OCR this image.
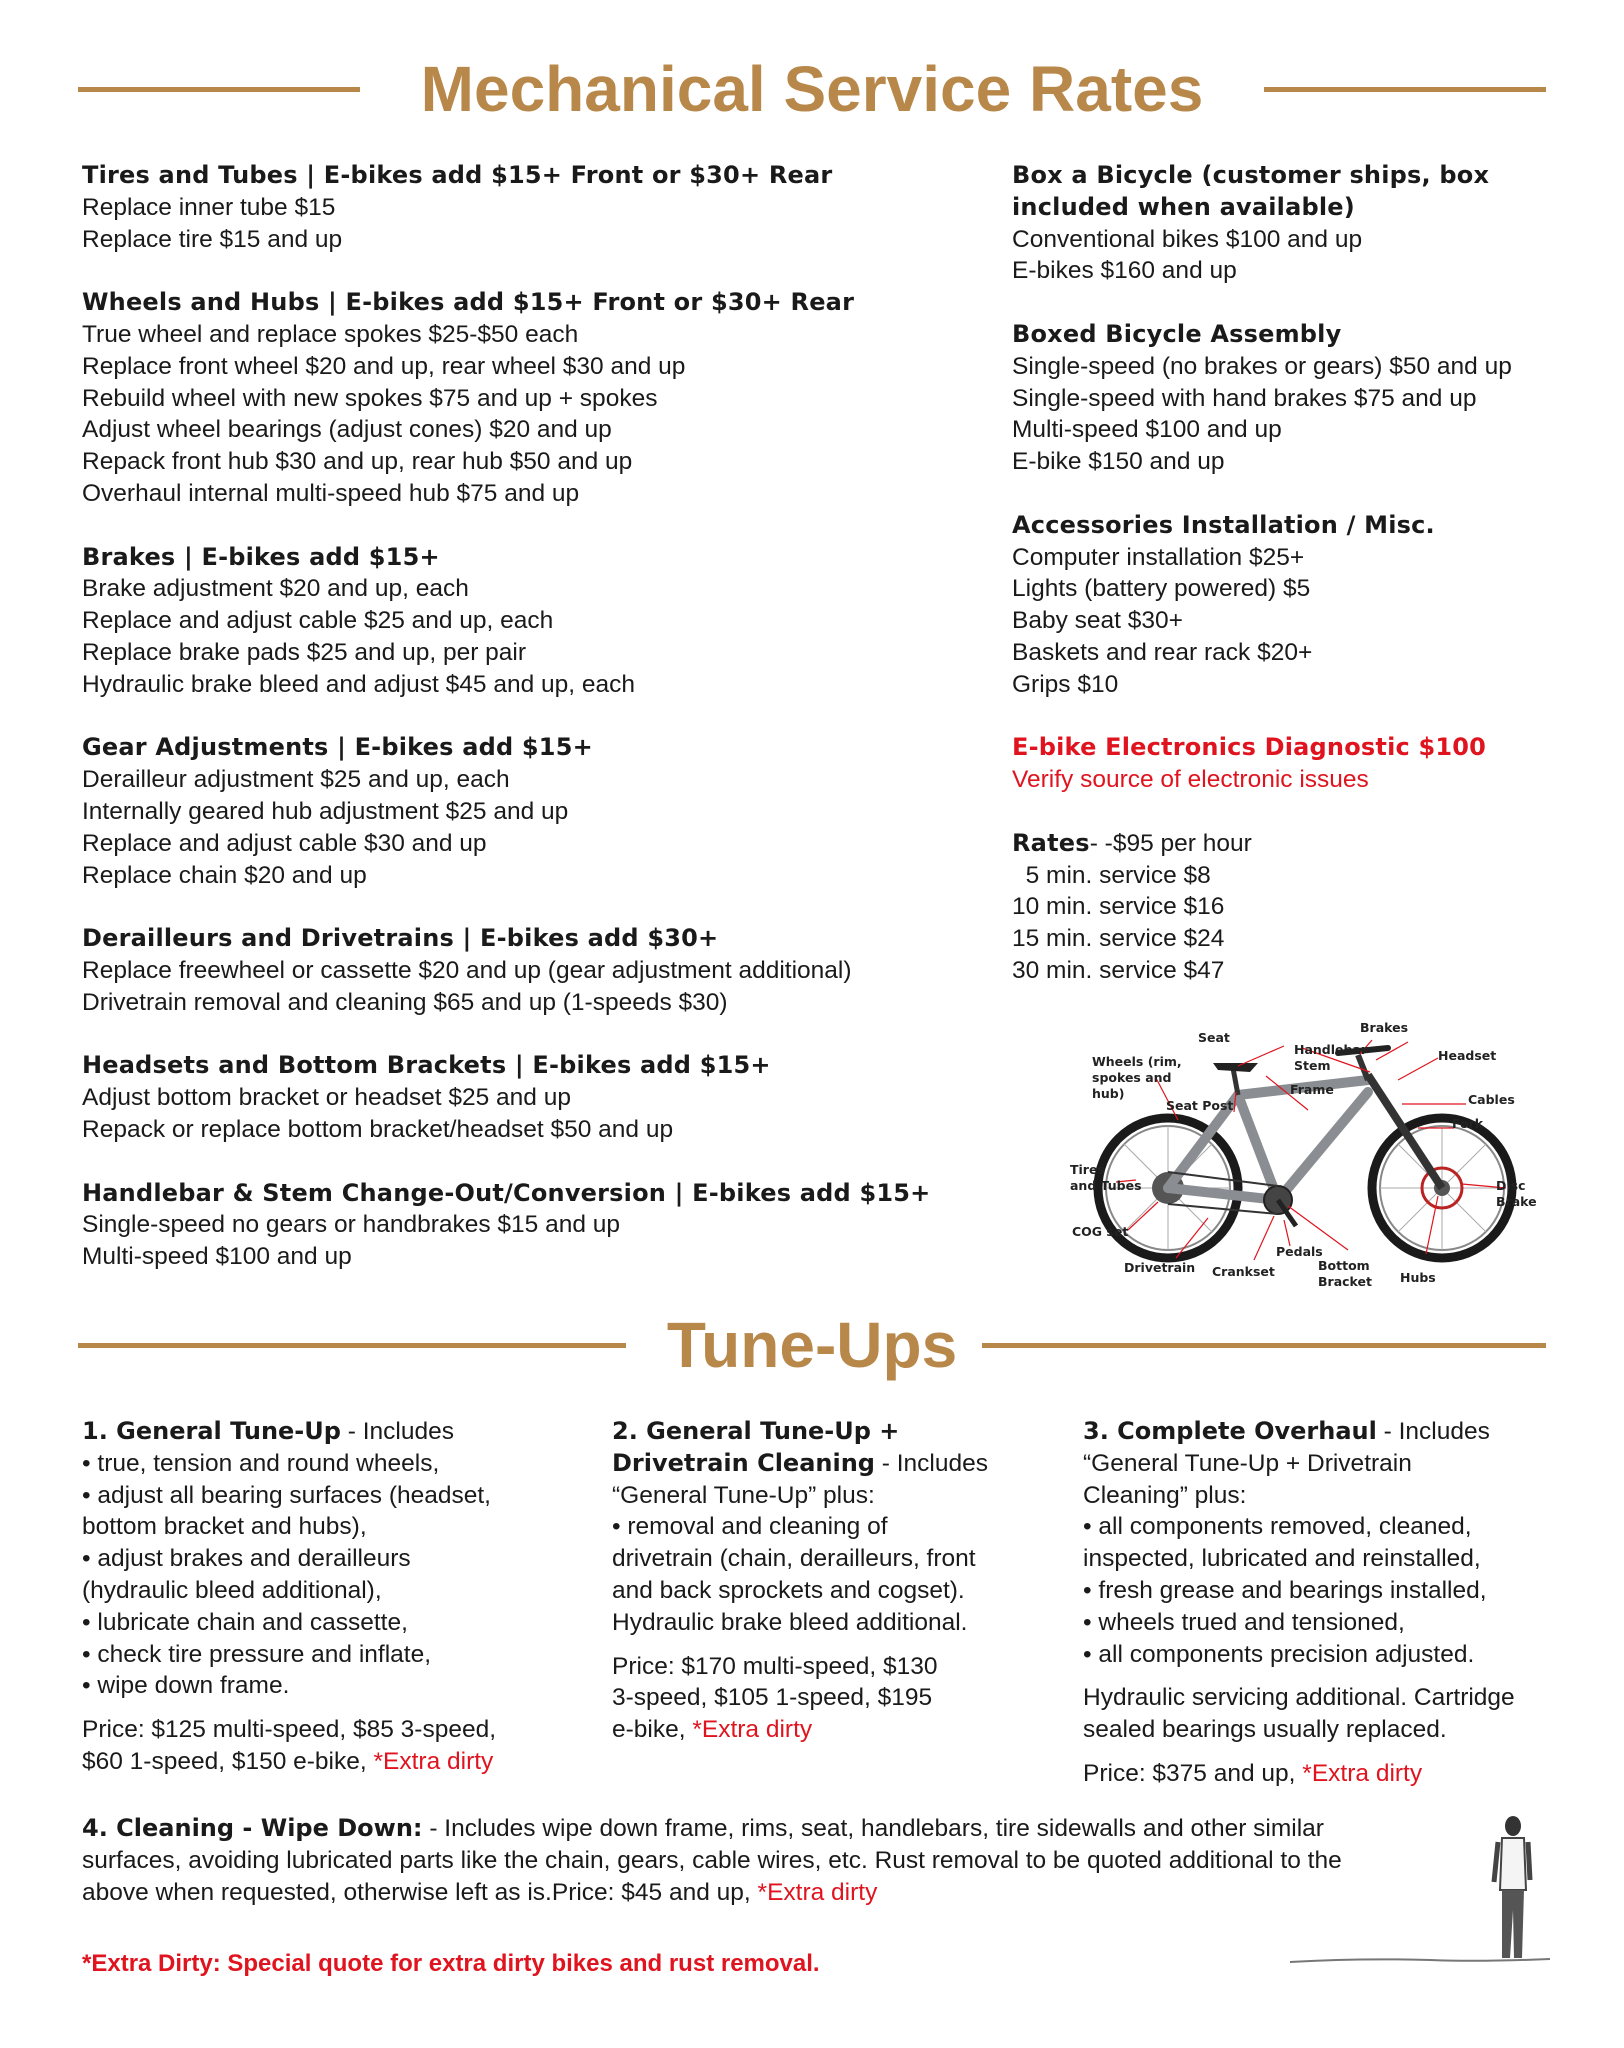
Mechanical Service Rates
Tires and Tubes | E-bikes add $15+ Front or $30+ Rear
Replace inner tube $15
Replace tire $15 and up
Wheels and Hubs | E-bikes add $15+ Front or $30+ Rear
True wheel and replace spokes $25-$50 each
Replace front wheel $20 and up, rear wheel $30 and up
Rebuild wheel with new spokes $75 and up + spokes
Adjust wheel bearings (adjust cones) $20 and up
Repack front hub $30 and up, rear hub $50 and up
Overhaul internal multi-speed hub $75 and up
Brakes | E-bikes add $15+
Brake adjustment $20 and up, each
Replace and adjust cable $25 and up, each
Replace brake pads $25 and up, per pair
Hydraulic brake bleed and adjust $45 and up, each
Gear Adjustments | E-bikes add $15+
Derailleur adjustment $25 and up, each
Internally geared hub adjustment $25 and up
Replace and adjust cable $30 and up
Replace chain $20 and up
Derailleurs and Drivetrains | E-bikes add $30+
Replace freewheel or cassette $20 and up (gear adjustment additional)
Drivetrain removal and cleaning $65 and up (1-speeds $30)
Headsets and Bottom Brackets | E-bikes add $15+
Adjust bottom bracket or headset $25 and up
Repack or replace bottom bracket/headset $50 and up
Handlebar & Stem Change-Out/Conversion | E-bikes add $15+
Single-speed no gears or handbrakes $15 and up
Multi-speed $100 and up
Box a Bicycle (customer ships, box
included when available)
Conventional bikes $100 and up
E-bikes $160 and up
Boxed Bicycle Assembly
Single-speed (no brakes or gears) $50 and up
Single-speed with hand brakes $75 and up
Multi-speed $100 and up
E-bike $150 and up
Accessories Installation / Misc.
Computer installation $25+
Lights (battery powered) $5
Baby seat $30+
Baskets and rear rack $20+
Grips $10
E-bike Electronics Diagnostic $100
Verify source of electronic issues
Rates- -$95 per hour
5 min. service $8
10 min. service $16
15 min. service $24
30 min. service $47
Brakes
Seat
Handlebar
Stem
Headset
Wheels (rim,
spokes and
hub)	Frame
Cables
Seat Post
Fork
Tires
and Tubes	Disc
Brake
COG set
Pedals
Drivetrain Crankset	Bottom
Bracket Hubs
Tune-Ups
1. General Tune-Up - Includes
• true, tension and round wheels,
• adjust all bearing surfaces (headset,
bottom bracket and hubs),
• adjust brakes and derailleurs
(hydraulic bleed additional),
• lubricate chain and cassette,
• check tire pressure and inflate,
• wipe down frame.
Price: $125 multi-speed, $85 3-speed,
$60 1-speed, $150 e-bike, *Extra dirty
2. General Tune-Up +
Drivetrain Cleaning - Includes
“General Tune-Up” plus:
• removal and cleaning of
drivetrain (chain, derailleurs, front
and back sprockets and cogset).
Hydraulic brake bleed additional.
Price: $170 multi-speed, $130
3-speed, $105 1-speed, $195
e-bike, *Extra dirty
3. Complete Overhaul - Includes
“General Tune-Up + Drivetrain
Cleaning” plus:
• all components removed, cleaned,
inspected, lubricated and reinstalled,
• fresh grease and bearings installed,
• wheels trued and tensioned,
• all components precision adjusted.
Hydraulic servicing additional. Cartridge
sealed bearings usually replaced.
Price: $375 and up, *Extra dirty
4. Cleaning - Wipe Down: - Includes wipe down frame, rims, seat, handlebars, tire sidewalls and other similar
surfaces, avoiding lubricated parts like the chain, gears, cable wires, etc. Rust removal to be quoted additional to the
above when requested, otherwise left as is.Price: $45 and up, *Extra dirty
*Extra Dirty: Special quote for extra dirty bikes and rust removal.
